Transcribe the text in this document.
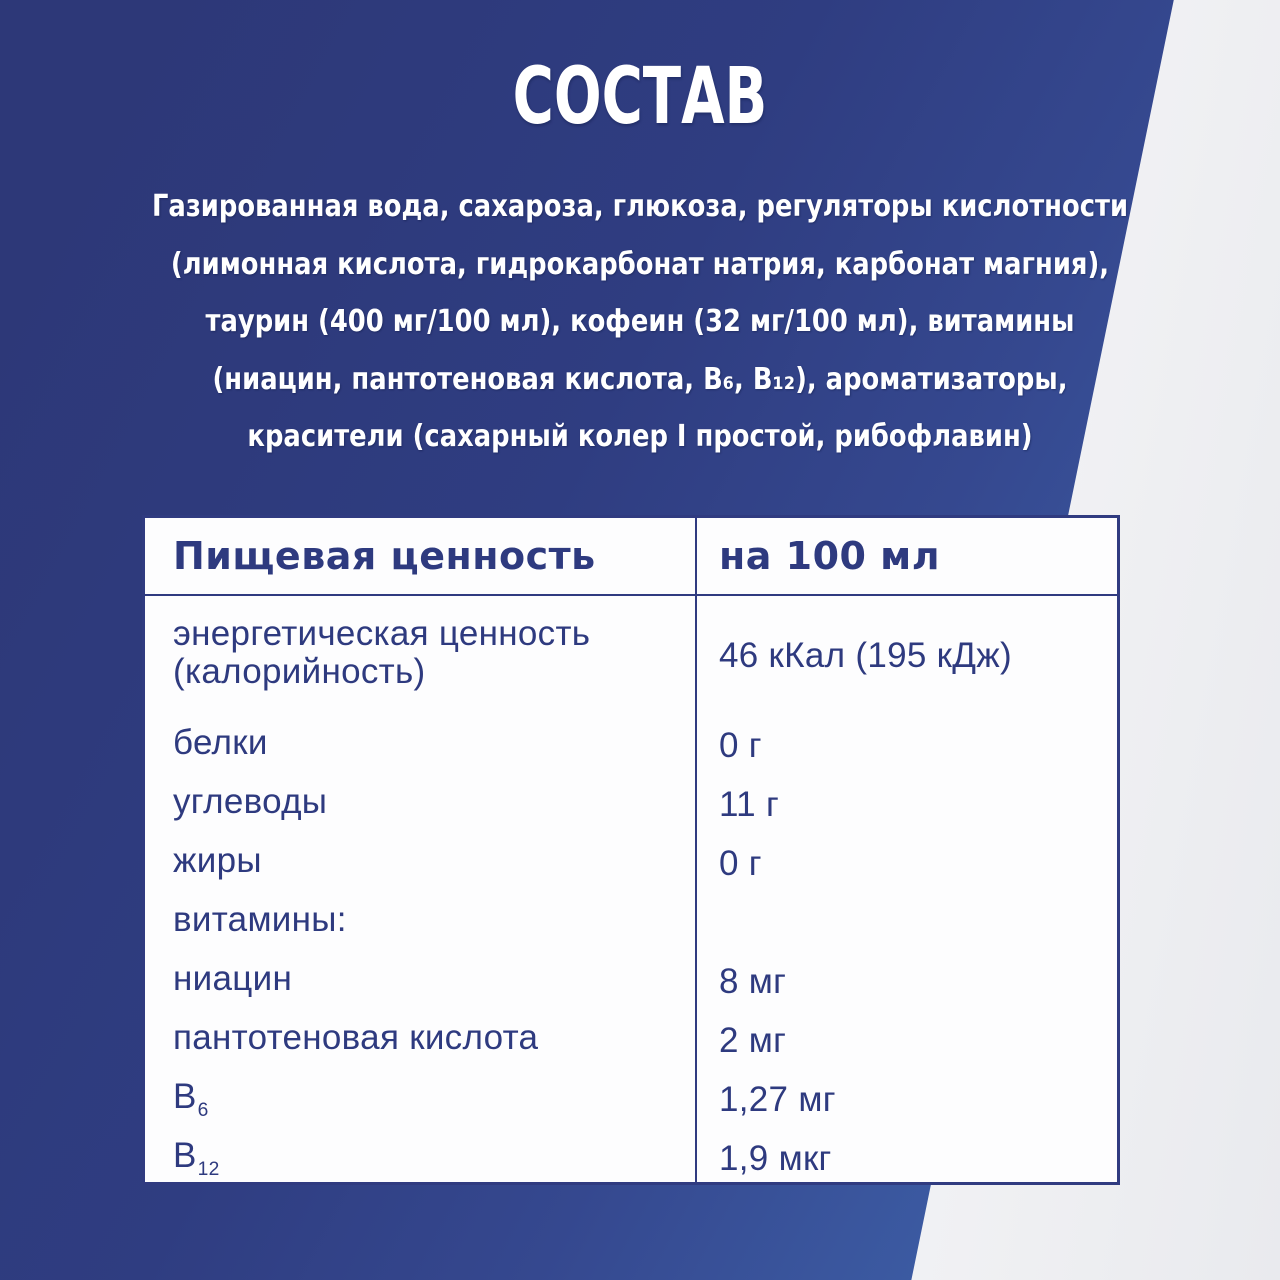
СОСТАВ
Газированная вода, сахароза, глюкоза, регуляторы кислотности
(лимонная кислота, гидрокарбонат натрия, карбонат магния),
таурин (400 мг/100 мл), кофеин (32 мг/100 мл), витамины
(ниацин, пантотеновая кислота, B₆, B₁₂), ароматизаторы,
красители (сахарный колер I простой, рибофлавин)
Пищевая ценность	на 100 мл
энергетическая ценность (калорийность)	46 кКал (195 кДж)
белки	0 г
углеводы	11 г
жиры	0 г
витамины:
ниацин	8 мг
пантотеновая кислота	2 мг
$B_6$	1,27 мг
$B_{12}$	1,9 мкг
